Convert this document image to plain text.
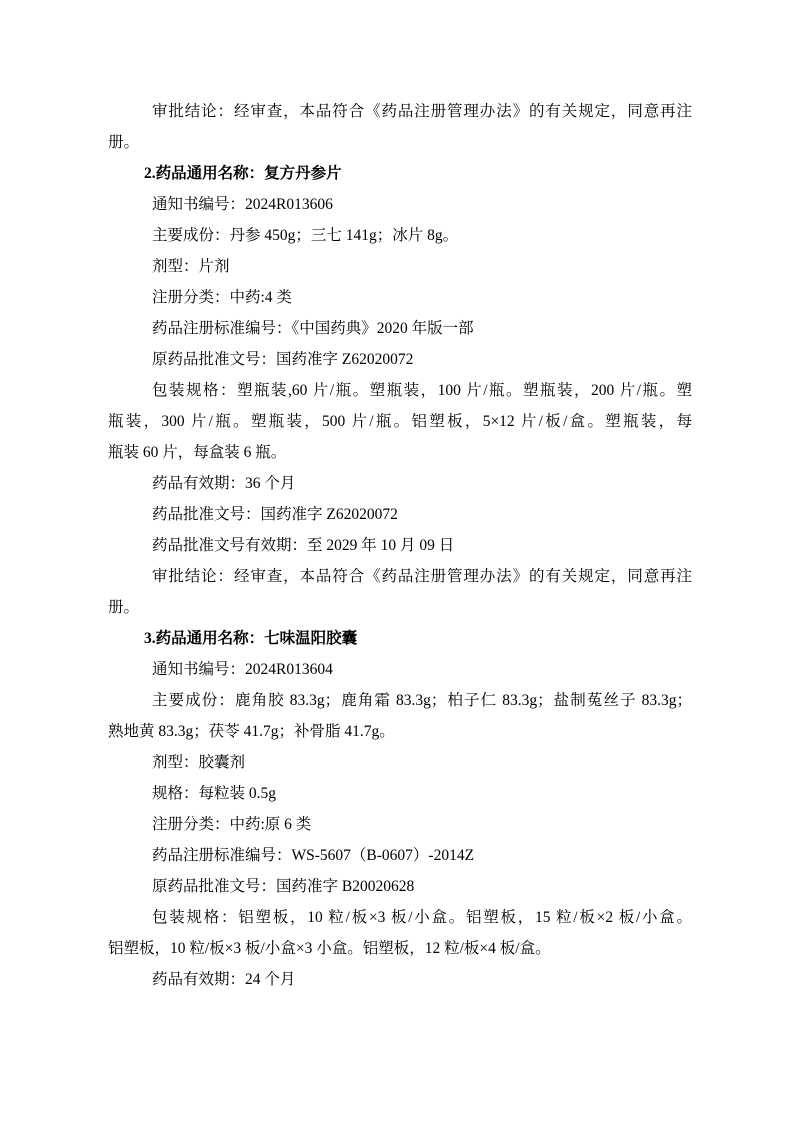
审批结论：经审查，本品符合《药品注册管理办法》的有关规定，同意再注
册。
2.药品通用名称：复方丹参片
通知书编号：2024R013606
主要成份：丹参 450g；三七 141g；冰片 8g。
剂型：片剂
注册分类：中药:4 类
药品注册标准编号：《中国药典》2020 年版一部
原药品批准文号：国药准字 Z62020072
包装规格：塑瓶装,60 片/瓶。塑瓶装，100 片/瓶。塑瓶装，200 片/瓶。塑
瓶装，300 片/瓶。塑瓶装，500 片/瓶。铝塑板，5×12 片/板/盒。塑瓶装，每
瓶装 60 片，每盒装 6 瓶。
药品有效期：36 个月
药品批准文号：国药准字 Z62020072
药品批准文号有效期：至 2029 年 10 月 09 日
审批结论：经审查，本品符合《药品注册管理办法》的有关规定，同意再注
册。
3.药品通用名称：七味温阳胶囊
通知书编号：2024R013604
主要成份：鹿角胶 83.3g；鹿角霜 83.3g；柏子仁 83.3g；盐制菟丝子 83.3g；
熟地黄 83.3g；茯苓 41.7g；补骨脂 41.7g。
剂型：胶囊剂
规格：每粒装 0.5g
注册分类：中药:原 6 类
药品注册标准编号：WS-5607（B-0607）-2014Z
原药品批准文号：国药准字 B20020628
包装规格：铝塑板，10 粒/板×3 板/小盒。铝塑板，15 粒/板×2 板/小盒。
铝塑板，10 粒/板×3 板/小盒×3 小盒。铝塑板，12 粒/板×4 板/盒。
药品有效期：24 个月
